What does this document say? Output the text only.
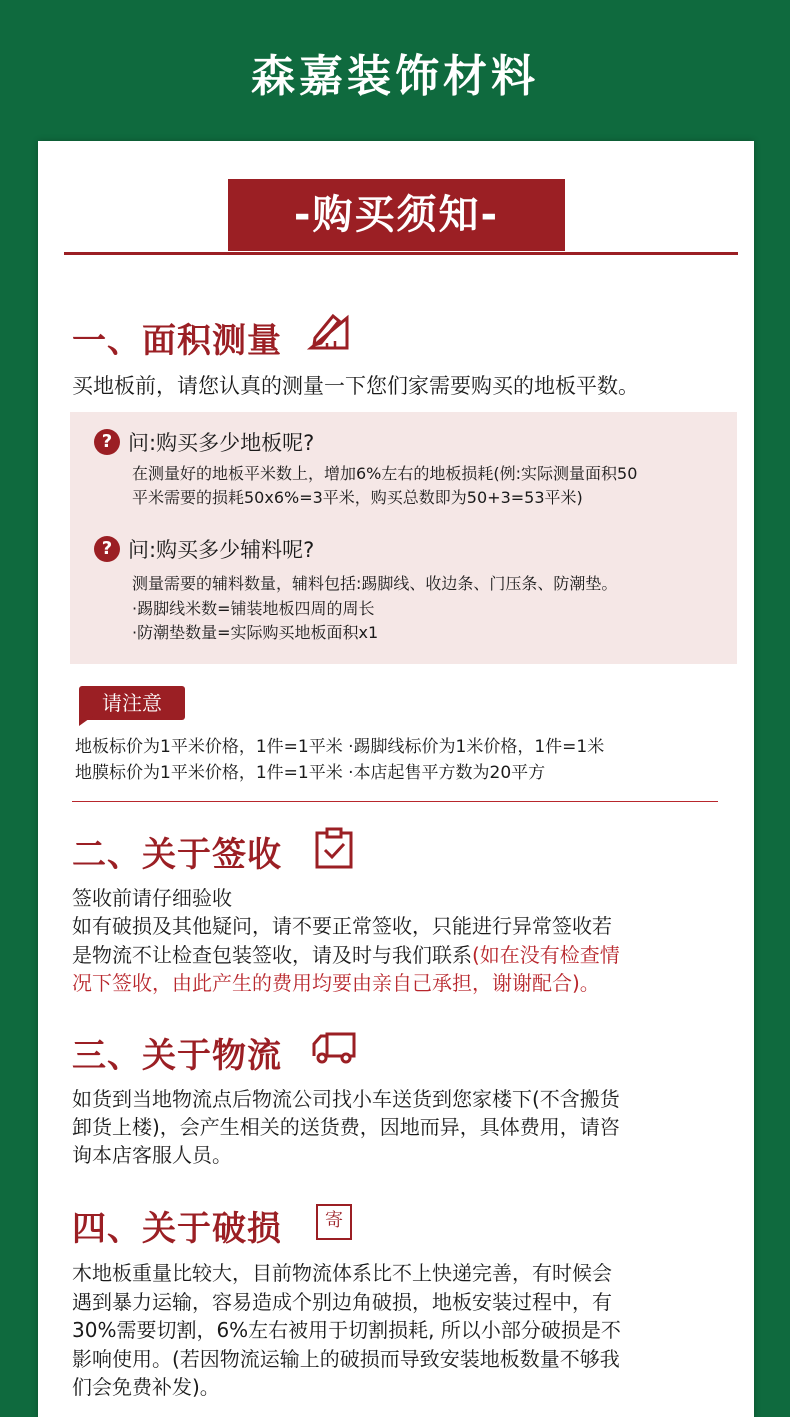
森嘉装饰材料
-购买须知-
一、面积测量
买地板前，请您认真的测量一下您们家需要购买的地板平数。
? 问:购买多少地板呢?
在测量好的地板平米数上，增加6%左右的地板损耗(例:实际测量面积50
平米需要的损耗50x6%=3平米，购买总数即为50+3=53平米)
? 问:购买多少辅料呢?
测量需要的辅料数量，辅料包括:踢脚线、收边条、门压条、防潮垫。
·踢脚线米数=铺装地板四周的周长
·防潮垫数量=实际购买地板面积x1
请注意
地板标价为1平米价格，1件=1平米 ·踢脚线标价为1米价格，1件=1米
地膜标价为1平米价格，1件=1平米 ·本店起售平方数为20平方
二、关于签收
签收前请仔细验收
如有破损及其他疑问，请不要正常签收，只能进行异常签收若
是物流不让检查包装签收，请及时与我们联系(如在没有检查情
况下签收，由此产生的费用均要由亲自己承担，谢谢配合)。
三、关于物流
如货到当地物流点后物流公司找小车送货到您家楼下(不含搬货
卸货上楼)，会产生相关的送货费，因地而异，具体费用，请咨
询本店客服人员。
四、关于破损	寄
木地板重量比较大，目前物流体系比不上快递完善，有时候会
遇到暴力运输，容易造成个别边角破损，地板安装过程中，有
30%需要切割，6%左右被用于切割损耗, 所以小部分破损是不
影响使用。(若因物流运输上的破损而导致安装地板数量不够我
们会免费补发)。
